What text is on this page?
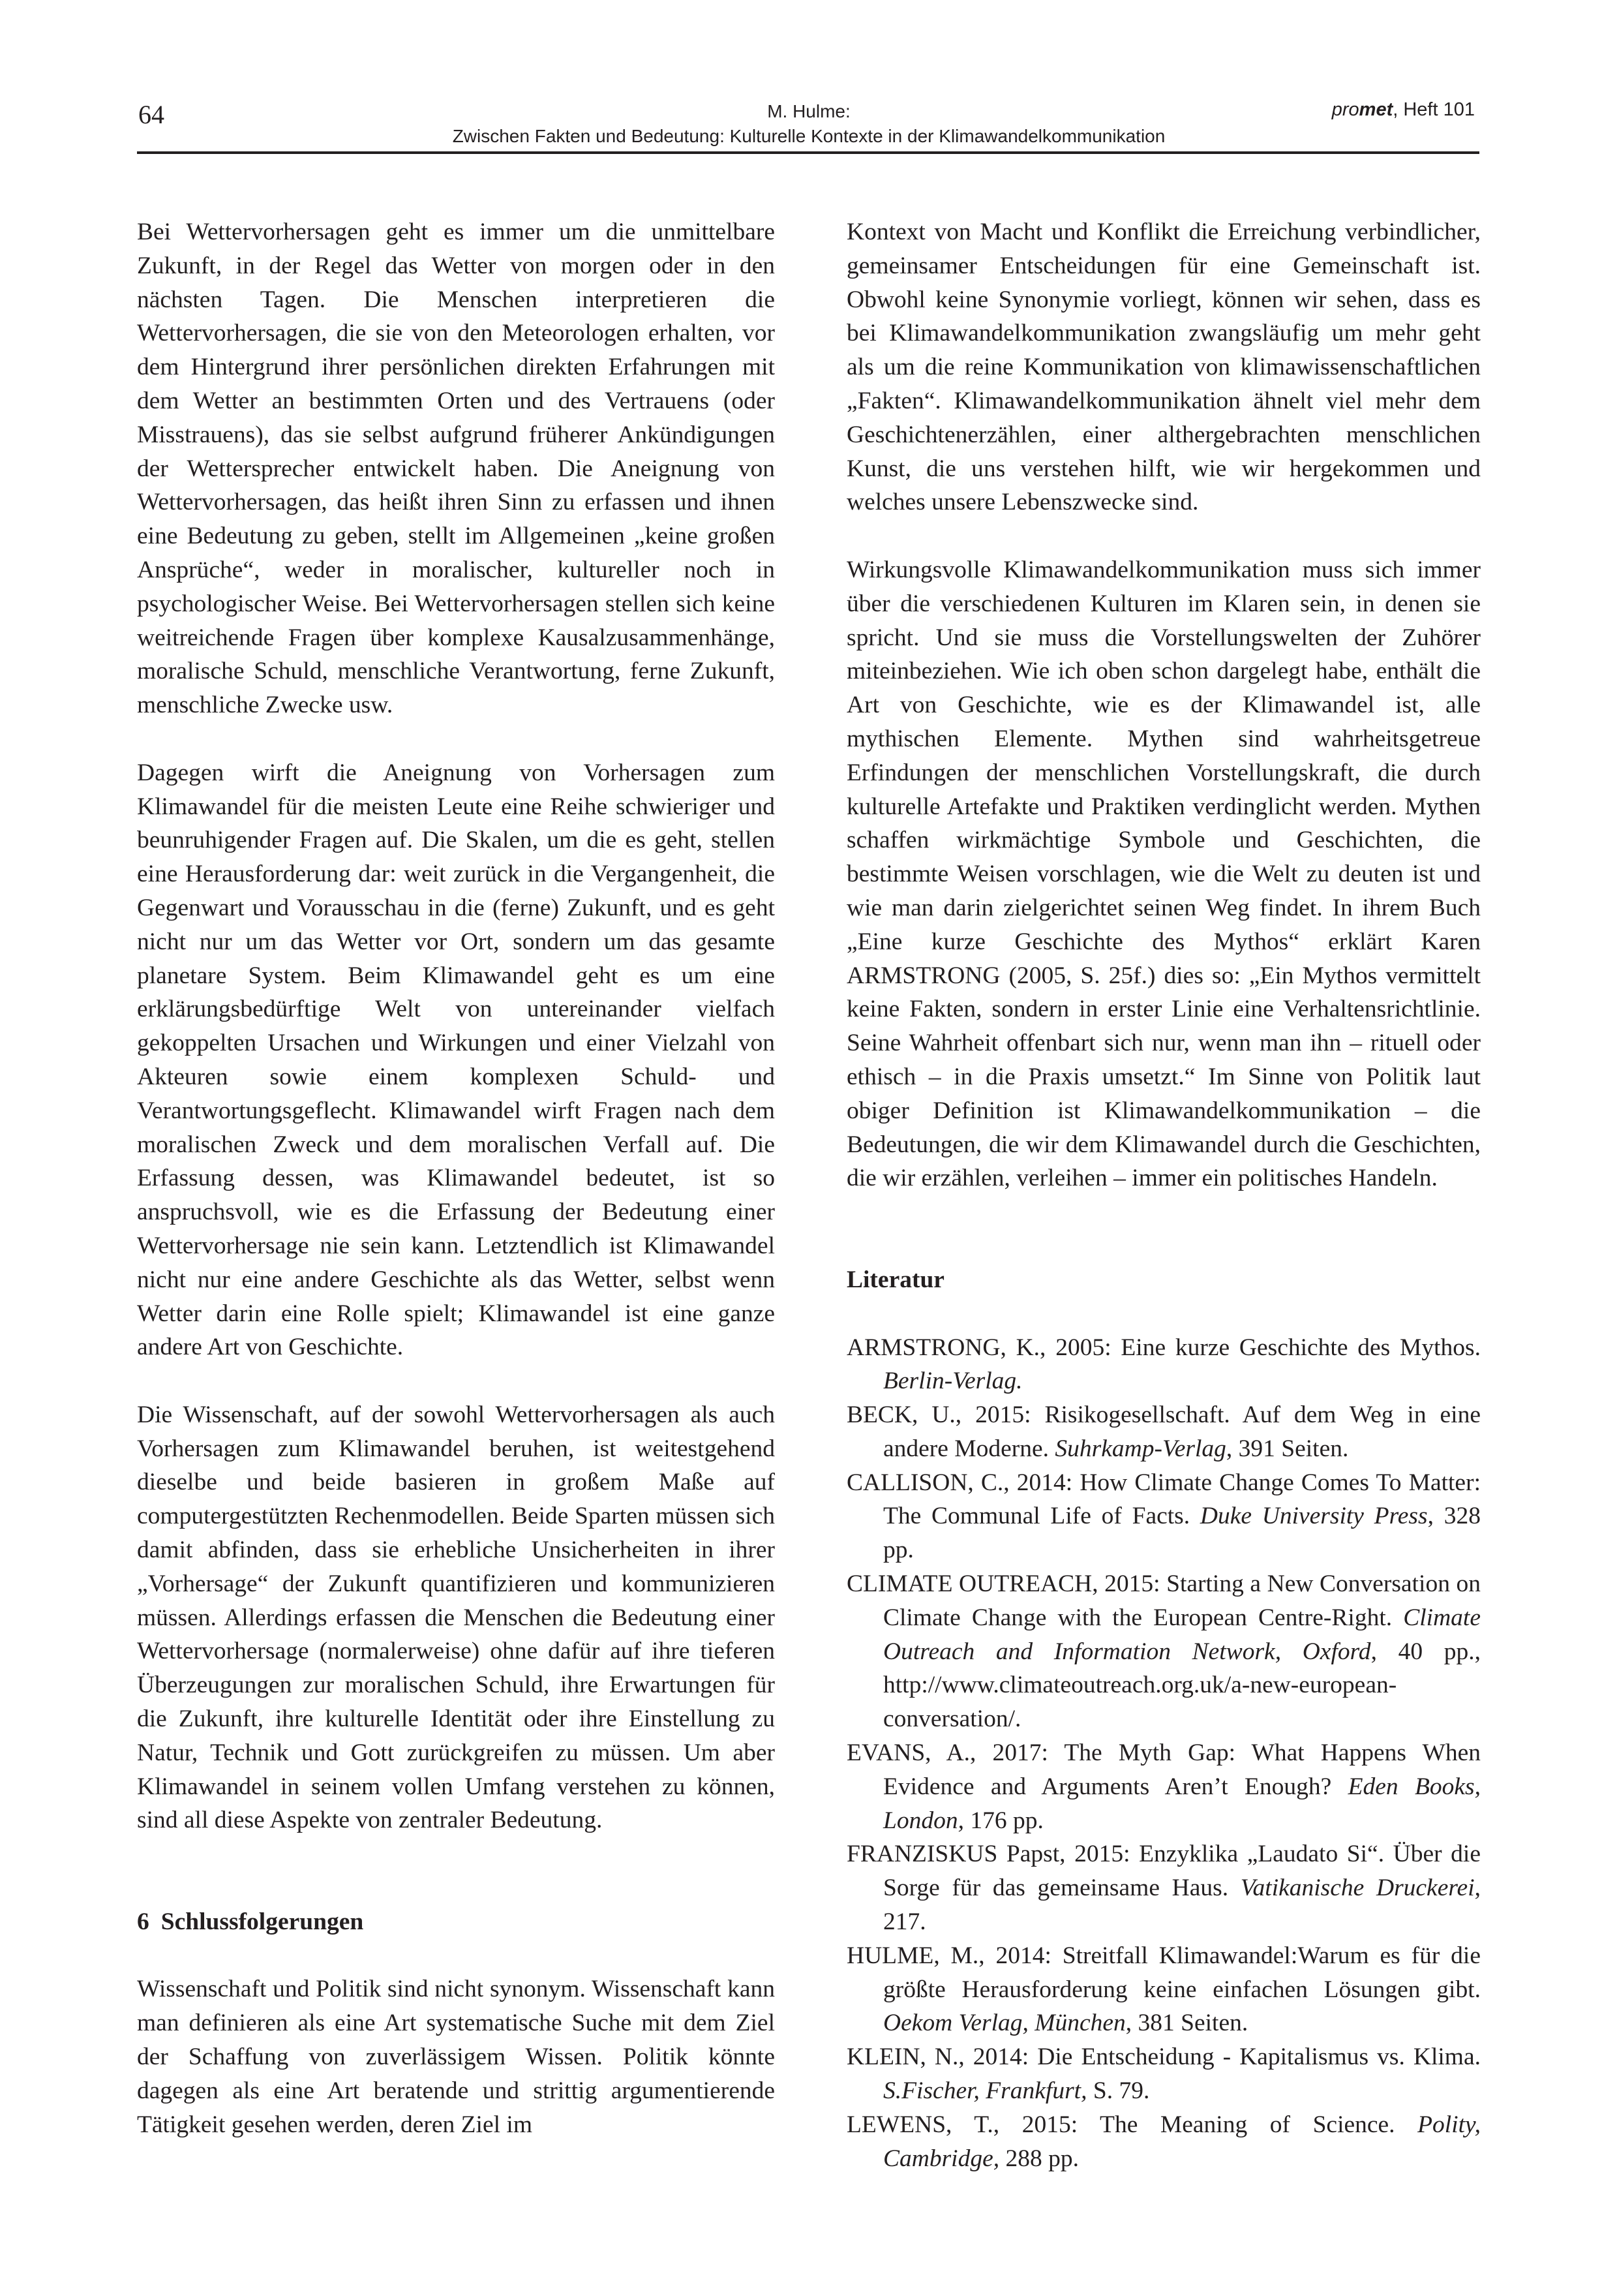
64	M. Hulme:
Zwischen Fakten und Bedeutung: Kulturelle Kontexte in der Klimawandelkommunikation
promet, Heft 101

Bei Wettervorhersagen geht es immer um die unmittelbare Zukunft, in der Regel das Wetter von morgen oder in den nächsten Tagen. Die Menschen interpretieren die Wettervorhersagen, die sie von den Meteorologen erhalten, vor dem Hintergrund ihrer persönlichen direkten Erfahrungen mit dem Wetter an bestimmten Orten und des Vertrauens (oder Misstrauens), das sie selbst aufgrund früherer Ankündigungen der Wettersprecher entwickelt haben. Die Aneignung von Wettervorhersagen, das heißt ihren Sinn zu erfassen und ihnen eine Bedeutung zu geben, stellt im Allgemeinen „keine großen Ansprüche“, weder in moralischer, kultureller noch in psychologischer Weise. Bei Wettervorhersagen stellen sich keine weitreichende Fragen über komplexe Kausalzusammenhänge, moralische Schuld, menschliche Verantwortung, ferne Zukunft, menschliche Zwecke usw.

Dagegen wirft die Aneignung von Vorhersagen zum Klimawandel für die meisten Leute eine Reihe schwieriger und beunruhigender Fragen auf. Die Skalen, um die es geht, stellen eine Herausforderung dar: weit zurück in die Vergangenheit, die Gegenwart und Vorausschau in die (ferne) Zukunft, und es geht nicht nur um das Wetter vor Ort, sondern um das gesamte planetare System. Beim Klimawandel geht es um eine erklärungsbedürftige Welt von untereinander vielfach gekoppelten Ursachen und Wirkungen und einer Vielzahl von Akteuren sowie einem komplexen Schuld- und Verantwortungsgeflecht. Klimawandel wirft Fragen nach dem moralischen Zweck und dem moralischen Verfall auf. Die Erfassung dessen, was Klimawandel bedeutet, ist so anspruchsvoll, wie es die Erfassung der Bedeutung einer Wettervorhersage nie sein kann. Letztendlich ist Klimawandel nicht nur eine andere Geschichte als das Wetter, selbst wenn Wetter darin eine Rolle spielt; Klimawandel ist eine ganze andere Art von Geschichte.

Die Wissenschaft, auf der sowohl Wettervorhersagen als auch Vorhersagen zum Klimawandel beruhen, ist weitestgehend dieselbe und beide basieren in großem Maße auf computergestützten Rechenmodellen. Beide Sparten müssen sich damit abfinden, dass sie erhebliche Unsicherheiten in ihrer „Vorhersage“ der Zukunft quantifizieren und kommunizieren müssen. Allerdings erfassen die Menschen die Bedeutung einer Wettervorhersage (normalerweise) ohne dafür auf ihre tieferen Überzeugungen zur moralischen Schuld, ihre Erwartungen für die Zukunft, ihre kulturelle Identität oder ihre Einstellung zu Natur, Technik und Gott zurückgreifen zu müssen. Um aber Klimawandel in seinem vollen Umfang verstehen zu können, sind all diese Aspekte von zentraler Bedeutung.

6 Schlussfolgerungen

Wissenschaft und Politik sind nicht synonym. Wissenschaft kann man definieren als eine Art systematische Suche mit dem Ziel der Schaffung von zuverlässigem Wissen. Politik könnte dagegen als eine Art beratende und strittig argumentierende Tätigkeit gesehen werden, deren Ziel im

Kontext von Macht und Konflikt die Erreichung verbindlicher, gemeinsamer Entscheidungen für eine Gemeinschaft ist. Obwohl keine Synonymie vorliegt, können wir sehen, dass es bei Klimawandelkommunikation zwangsläufig um mehr geht als um die reine Kommunikation von klimawissenschaftlichen „Fakten“. Klimawandelkommunikation ähnelt viel mehr dem Geschichtenerzählen, einer althergebrachten menschlichen Kunst, die uns verstehen hilft, wie wir hergekommen und welches unsere Lebenszwecke sind.

Wirkungsvolle Klimawandelkommunikation muss sich immer über die verschiedenen Kulturen im Klaren sein, in denen sie spricht. Und sie muss die Vorstellungswelten der Zuhörer miteinbeziehen. Wie ich oben schon dargelegt habe, enthält die Art von Geschichte, wie es der Klimawandel ist, alle mythischen Elemente. Mythen sind wahrheitsgetreue Erfindungen der menschlichen Vorstellungskraft, die durch kulturelle Artefakte und Praktiken verdinglicht werden. Mythen schaffen wirkmächtige Symbole und Geschichten, die bestimmte Weisen vorschlagen, wie die Welt zu deuten ist und wie man darin zielgerichtet seinen Weg findet. In ihrem Buch „Eine kurze Geschichte des Mythos“ erklärt Karen ARMSTRONG (2005, S. 25f.) dies so: „Ein Mythos vermittelt keine Fakten, sondern in erster Linie eine Verhaltensrichtlinie. Seine Wahrheit offenbart sich nur, wenn man ihn – rituell oder ethisch – in die Praxis umsetzt.“ Im Sinne von Politik laut obiger Definition ist Klimawandelkommunikation – die Bedeutungen, die wir dem Klimawandel durch die Geschichten, die wir erzählen, verleihen – immer ein politisches Handeln.

Literatur

ARMSTRONG, K., 2005: Eine kurze Geschichte des Mythos. Berlin-Verlag.

BECK, U., 2015: Risikogesellschaft. Auf dem Weg in eine andere Moderne. Suhrkamp-Verlag, 391 Seiten.

CALLISON, C., 2014: How Climate Change Comes To Matter: The Communal Life of Facts. Duke University Press, 328 pp.

CLIMATE OUTREACH, 2015: Starting a New Conversation on Climate Change with the European Centre-Right. Climate Outreach and Information Network, Oxford, 40 pp., http://www.climateoutreach.org.uk/a-new-european-conversation/.

EVANS, A., 2017: The Myth Gap: What Happens When Evidence and Arguments Aren’t Enough? Eden Books, London, 176 pp.

FRANZISKUS Papst, 2015: Enzyklika „Laudato Si“. Über die Sorge für das gemeinsame Haus. Vatikanische Druckerei, 217.

HULME, M., 2014: Streitfall Klimawandel:Warum es für die größte Herausforderung keine einfachen Lösungen gibt. Oekom Verlag, München, 381 Seiten.

KLEIN, N., 2014: Die Entscheidung - Kapitalismus vs. Klima. S.Fischer, Frankfurt, S. 79.

LEWENS, T., 2015: The Meaning of Science. Polity, Cambridge, 288 pp.
